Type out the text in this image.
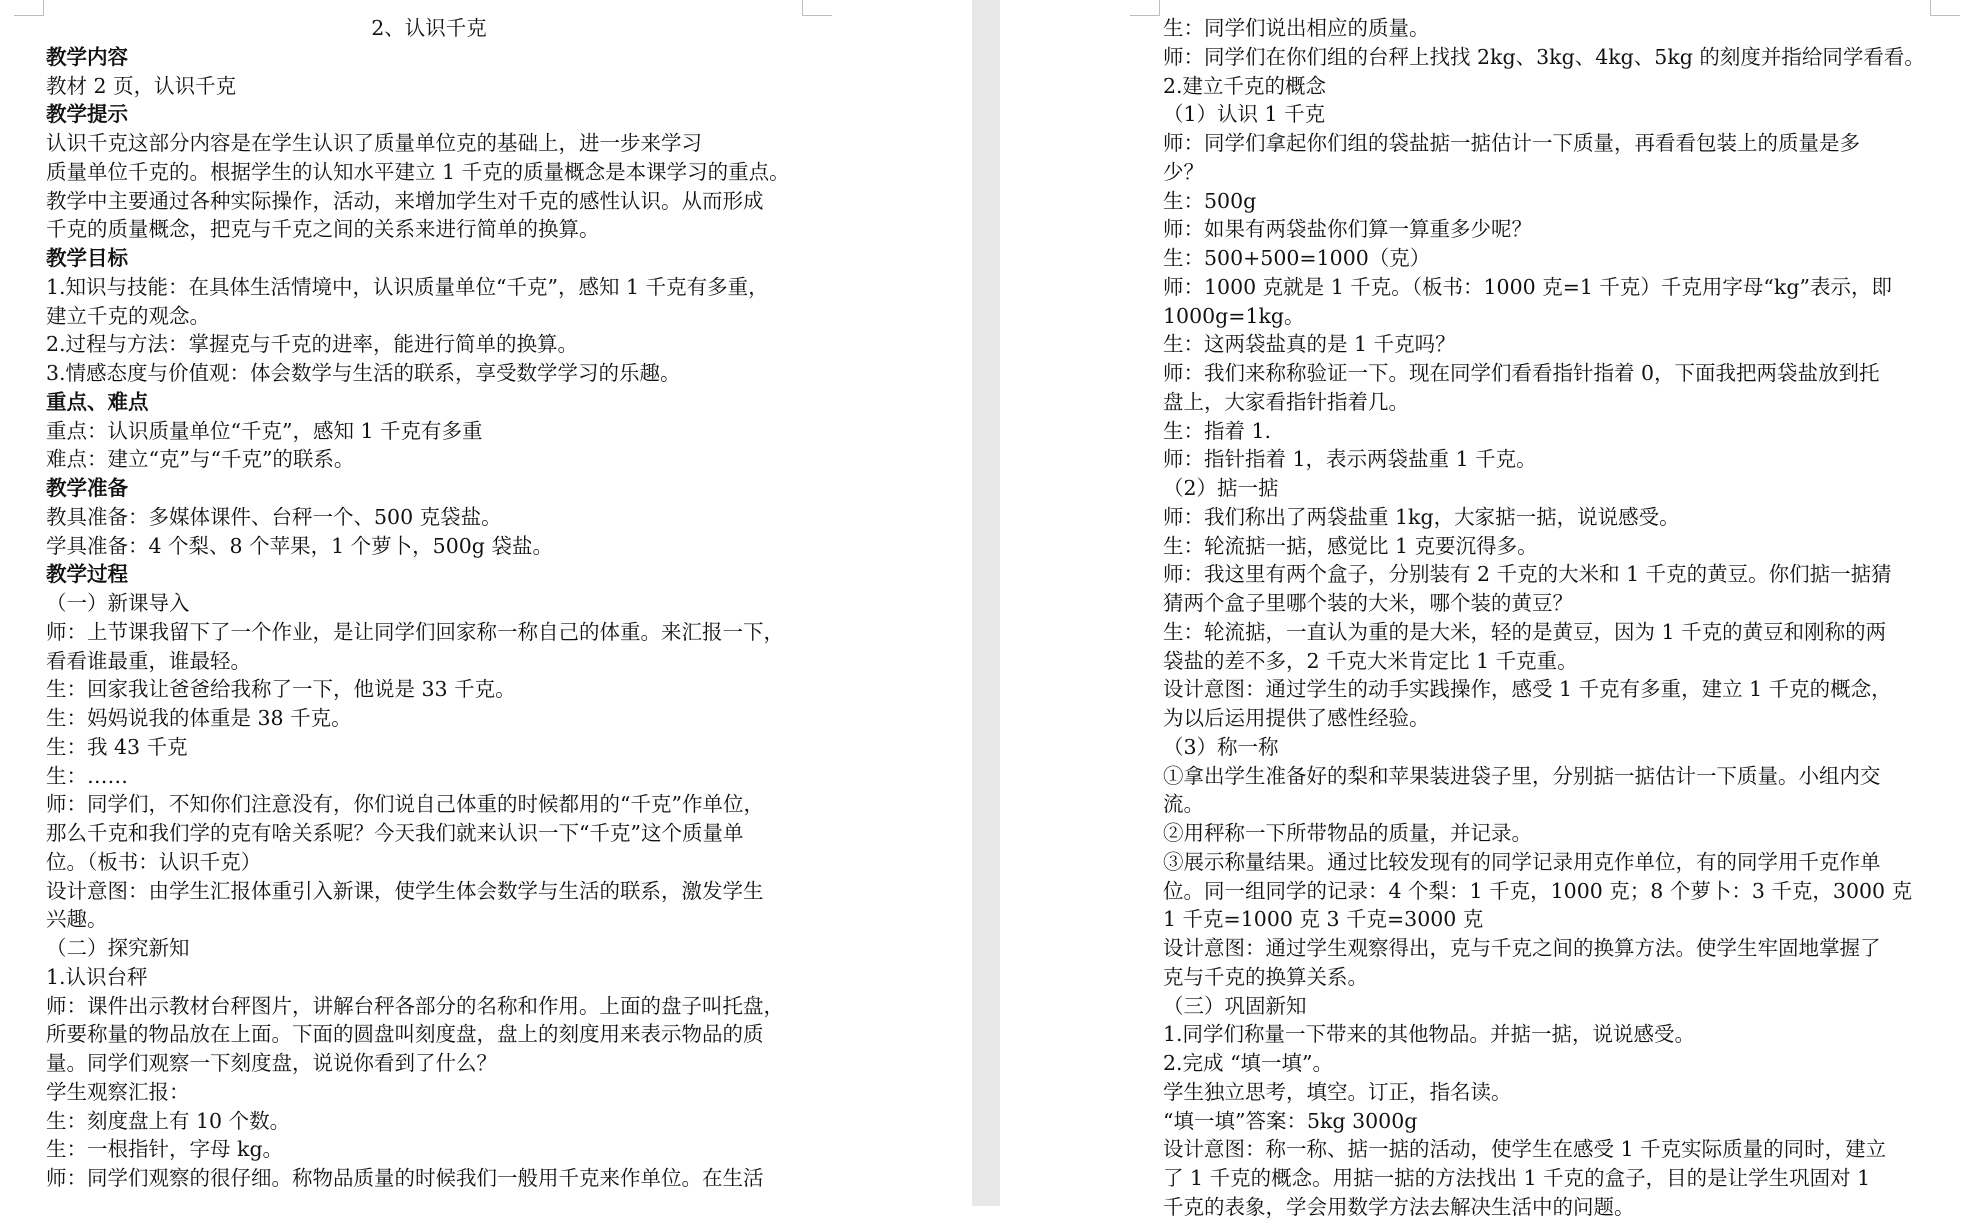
2、认识千克
教学内容
教材 2 页，认识千克
教学提示
认识千克这部分内容是在学生认识了质量单位克的基础上，进一步来学习
质量单位千克的。根据学生的认知水平建立 1 千克的质量概念是本课学习的重点。
教学中主要通过各种实际操作，活动，来增加学生对千克的感性认识。从而形成
千克的质量概念，把克与千克之间的关系来进行简单的换算。
教学目标
1.知识与技能：在具体生活情境中，认识质量单位“千克”，感知 1 千克有多重，
建立千克的观念。
2.过程与方法：掌握克与千克的进率，能进行简单的换算。
3.情感态度与价值观：体会数学与生活的联系，享受数学学习的乐趣。
重点、难点
重点：认识质量单位“千克”，感知 1 千克有多重
难点：建立“克”与“千克”的联系。
教学准备
教具准备：多媒体课件、台秤一个、500 克袋盐。
学具准备：4 个梨、8 个苹果，1 个萝卜，500g 袋盐。
教学过程
（一）新课导入
师：上节课我留下了一个作业，是让同学们回家称一称自己的体重。来汇报一下，
看看谁最重，谁最轻。
生：回家我让爸爸给我称了一下，他说是 33 千克。
生：妈妈说我的体重是 38 千克。
生：我 43 千克
生：……
师：同学们，不知你们注意没有，你们说自己体重的时候都用的“千克”作单位，
那么千克和我们学的克有啥关系呢？今天我们就来认识一下“千克”这个质量单
位。（板书：认识千克）
设计意图：由学生汇报体重引入新课，使学生体会数学与生活的联系，激发学生
兴趣。
（二）探究新知
1.认识台秤
师：课件出示教材台秤图片，讲解台秤各部分的名称和作用。上面的盘子叫托盘，
所要称量的物品放在上面。下面的圆盘叫刻度盘，盘上的刻度用来表示物品的质
量。同学们观察一下刻度盘，说说你看到了什么？
学生观察汇报：
生：刻度盘上有 10 个数。
生：一根指针，字母 kg。
师：同学们观察的很仔细。称物品质量的时候我们一般用千克来作单位。在生活
生：同学们说出相应的质量。
师：同学们在你们组的台秤上找找 2kg、3kg、4kg、5kg 的刻度并指给同学看看。
2.建立千克的概念
（1）认识 1 千克
师：同学们拿起你们组的袋盐掂一掂估计一下质量，再看看包装上的质量是多
少？
生：500g
师：如果有两袋盐你们算一算重多少呢？
生：500+500=1000（克）
师：1000 克就是 1 千克。（板书：1000 克=1 千克）千克用字母“kg”表示，即
1000g=1kg。
生：这两袋盐真的是 1 千克吗？
师：我们来称称验证一下。现在同学们看看指针指着 0，下面我把两袋盐放到托
盘上，大家看指针指着几。
生：指着 1.
师：指针指着 1，表示两袋盐重 1 千克。
（2）掂一掂
师：我们称出了两袋盐重 1kg，大家掂一掂，说说感受。
生：轮流掂一掂，感觉比 1 克要沉得多。
师：我这里有两个盒子，分别装有 2 千克的大米和 1 千克的黄豆。你们掂一掂猜
猜两个盒子里哪个装的大米，哪个装的黄豆？
生：轮流掂，一直认为重的是大米，轻的是黄豆，因为 1 千克的黄豆和刚称的两
袋盐的差不多，2 千克大米肯定比 1 千克重。
设计意图：通过学生的动手实践操作，感受 1 千克有多重，建立 1 千克的概念，
为以后运用提供了感性经验。
（3）称一称
①拿出学生准备好的梨和苹果装进袋子里，分别掂一掂估计一下质量。小组内交
流。
②用秤称一下所带物品的质量，并记录。
③展示称量结果。通过比较发现有的同学记录用克作单位，有的同学用千克作单
位。同一组同学的记录：4 个梨：1 千克，1000 克；8 个萝卜：3 千克，3000 克
1 千克=1000 克 3 千克=3000 克
设计意图：通过学生观察得出，克与千克之间的换算方法。使学生牢固地掌握了
克与千克的换算关系。
（三）巩固新知
1.同学们称量一下带来的其他物品。并掂一掂，说说感受。
2.完成 “填一填”。
学生独立思考，填空。订正，指名读。
“填一填”答案：5kg 3000g
设计意图：称一称、掂一掂的活动，使学生在感受 1 千克实际质量的同时，建立
了 1 千克的概念。用掂一掂的方法找出 1 千克的盒子，目的是让学生巩固对 1
千克的表象，学会用数学方法去解决生活中的问题。
